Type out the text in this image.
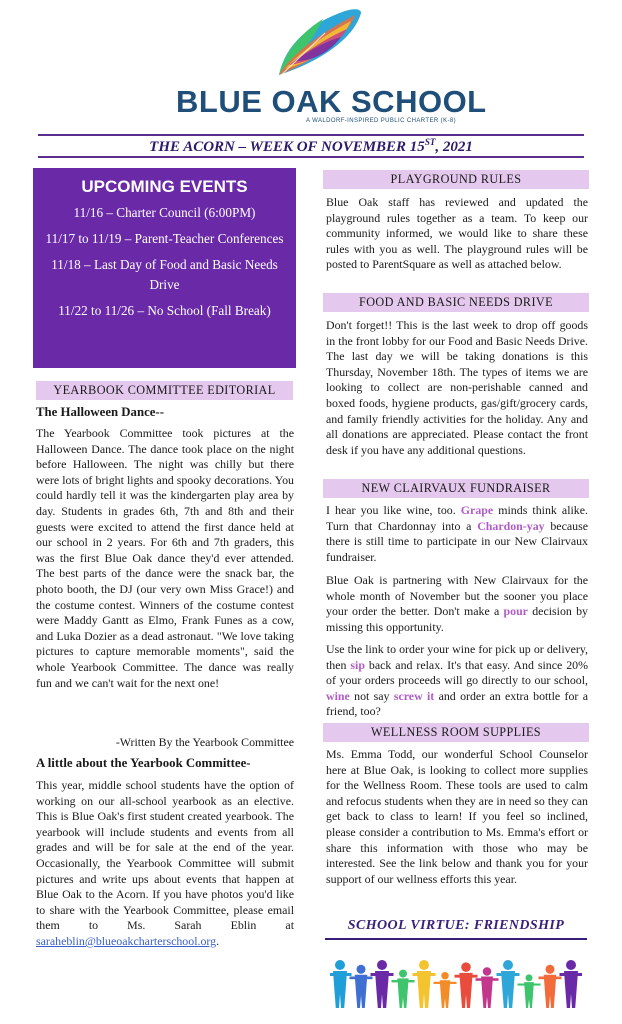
BLUE OAK SCHOOL
A WALDORF-INSPIRED PUBLIC CHARTER (K-8)
THE ACORN – WEEK OF NOVEMBER 15ST, 2021
UPCOMING EVENTS
11/16 – Charter Council (6:00PM)
11/17 to 11/19 – Parent-Teacher Conferences
11/18 – Last Day of Food and Basic Needs Drive
11/22 to 11/26 – No School (Fall Break)
YEARBOOK COMMITTEE EDITORIAL
The Halloween Dance--
The Yearbook Committee took pictures at the Halloween Dance. The dance took place on the night before Halloween. The night was chilly but there were lots of bright lights and spooky decorations. You could hardly tell it was the kindergarten play area by day. Students in grades 6th, 7th and 8th and their guests were excited to attend the first dance held at our school in 2 years. For 6th and 7th graders, this was the first Blue Oak dance they'd ever attended. The best parts of the dance were the snack bar, the photo booth, the DJ (our very own Miss Grace!) and the costume contest. Winners of the costume contest were Maddy Gantt as Elmo, Frank Funes as a cow, and Luka Dozier as a dead astronaut. "We love taking pictures to capture memorable moments", said the whole Yearbook Committee. The dance was really fun and we can't wait for the next one!
-Written By the Yearbook Committee
A little about the Yearbook Committee-
This year, middle school students have the option of working on our all-school yearbook as an elective. This is Blue Oak's first student created yearbook. The yearbook will include students and events from all grades and will be for sale at the end of the year. Occasionally, the Yearbook Committee will submit pictures and write ups about events that happen at Blue Oak to the Acorn. If you have photos you'd like to share with the Yearbook Committee, please email them to Ms. Sarah Eblin at saraheblin@blueoakcharterschool.org.
PLAYGROUND RULES
Blue Oak staff has reviewed and updated the playground rules together as a team. To keep our community informed, we would like to share these rules with you as well. The playground rules will be posted to ParentSquare as well as attached below.
FOOD AND BASIC NEEDS DRIVE
Don't forget!! This is the last week to drop off goods in the front lobby for our Food and Basic Needs Drive. The last day we will be taking donations is this Thursday, November 18th. The types of items we are looking to collect are non-perishable canned and boxed foods, hygiene products, gas/gift/grocery cards, and family friendly activities for the holiday. Any and all donations are appreciated. Please contact the front desk if you have any additional questions.
NEW CLAIRVAUX FUNDRAISER
I hear you like wine, too. Grape minds think alike. Turn that Chardonnay into a Chardon-yay because there is still time to participate in our New Clairvaux fundraiser.
Blue Oak is partnering with New Clairvaux for the whole month of November but the sooner you place your order the better. Don't make a pour decision by missing this opportunity.
Use the link to order your wine for pick up or delivery, then sip back and relax. It's that easy. And since 20% of your orders proceeds will go directly to our school, wine not say screw it and order an extra bottle for a friend, too?
WELLNESS ROOM SUPPLIES
Ms. Emma Todd, our wonderful School Counselor here at Blue Oak, is looking to collect more supplies for the Wellness Room. These tools are used to calm and refocus students when they are in need so they can get back to class to learn! If you feel so inclined, please consider a contribution to Ms. Emma's effort or share this information with those who may be interested. See the link below and thank you for your support of our wellness efforts this year.
SCHOOL VIRTUE: FRIENDSHIP
